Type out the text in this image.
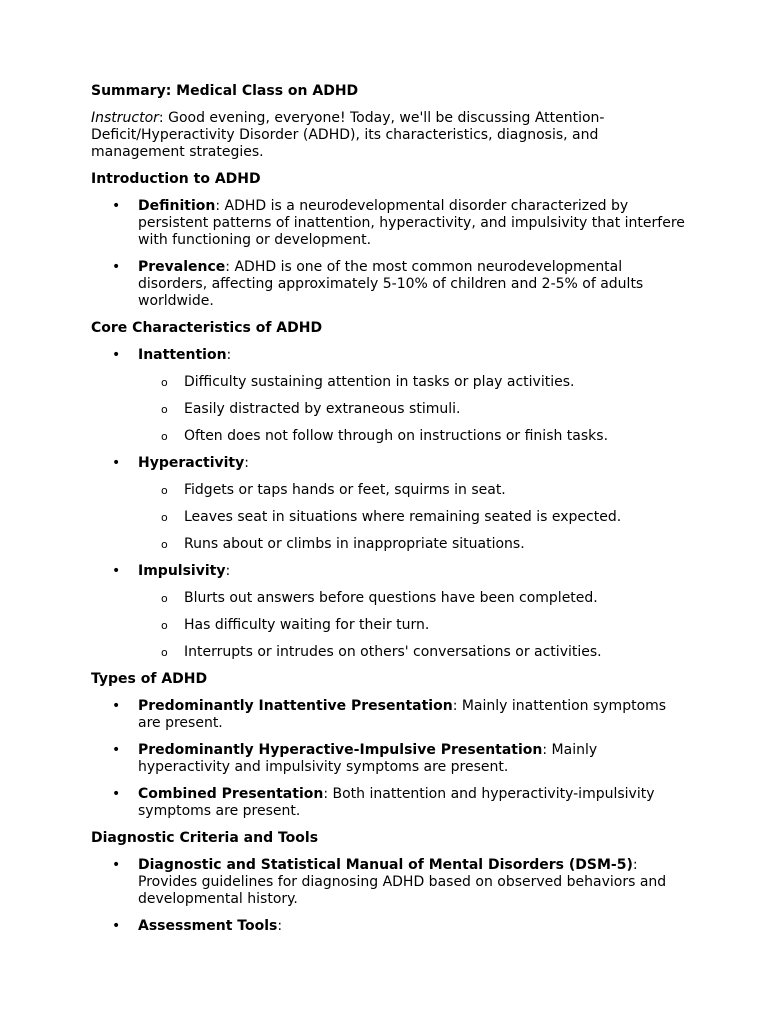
Summary: Medical Class on ADHD
Instructor: Good evening, everyone! Today, we'll be discussing Attention-Deficit/Hyperactivity Disorder (ADHD), its characteristics, diagnosis, and management strategies.
Introduction to ADHD
• Definition: ADHD is a neurodevelopmental disorder characterized by persistent patterns of inattention, hyperactivity, and impulsivity that interfere with functioning or development.
• Prevalence: ADHD is one of the most common neurodevelopmental disorders, affecting approximately 5-10% of children and 2-5% of adults worldwide.
Core Characteristics of ADHD
• Inattention:
o Difficulty sustaining attention in tasks or play activities.
o Easily distracted by extraneous stimuli.
o Often does not follow through on instructions or finish tasks.
• Hyperactivity:
o Fidgets or taps hands or feet, squirms in seat.
o Leaves seat in situations where remaining seated is expected.
o Runs about or climbs in inappropriate situations.
• Impulsivity:
o Blurts out answers before questions have been completed.
o Has difficulty waiting for their turn.
o Interrupts or intrudes on others' conversations or activities.
Types of ADHD
• Predominantly Inattentive Presentation: Mainly inattention symptoms are present.
• Predominantly Hyperactive-Impulsive Presentation: Mainly hyperactivity and impulsivity symptoms are present.
• Combined Presentation: Both inattention and hyperactivity-impulsivity symptoms are present.
Diagnostic Criteria and Tools
• Diagnostic and Statistical Manual of Mental Disorders (DSM-5): Provides guidelines for diagnosing ADHD based on observed behaviors and developmental history.
• Assessment Tools:
